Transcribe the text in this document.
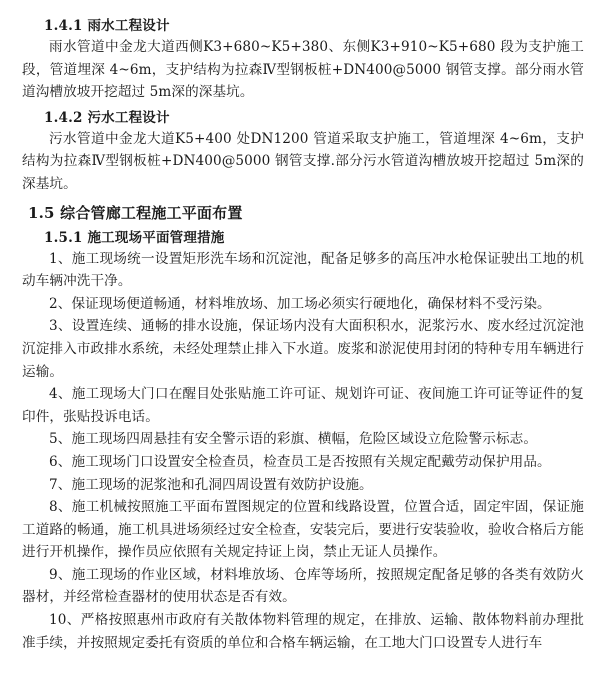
1.4.1 雨水工程设计

雨水管道中金龙大道西侧K3+680~K5+380、东侧K3+910~K5+680 段为支护施工段，管道埋深 4~6m，支护结构为拉森Ⅳ型钢板桩+DN400@5000 钢管支撑。部分雨水管道沟槽放坡开挖超过 5m深的深基坑。

1.4.2 污水工程设计

污水管道中金龙大道K5+400 处DN1200 管道采取支护施工，管道埋深 4~6m，支护结构为拉森Ⅳ型钢板桩+DN400@5000 钢管支撑.部分污水管道沟槽放坡开挖超过 5m深的深基坑。

1.5 综合管廊工程施工平面布置
1.5.1 施工现场平面管理措施

1、施工现场统一设置矩形洗车场和沉淀池，配备足够多的高压冲水枪保证驶出工地的机动车辆冲洗干净。

2、保证现场便道畅通，材料堆放场、加工场必须实行硬地化，确保材料不受污染。

3、设置连续、通畅的排水设施，保证场内没有大面积积水，泥浆污水、废水经过沉淀池沉淀排入市政排水系统，未经处理禁止排入下水道。废浆和淤泥使用封闭的特种专用车辆进行运输。

4、施工现场大门口在醒目处张贴施工许可证、规划许可证、夜间施工许可证等证件的复印件，张贴投诉电话。

5、施工现场四周悬挂有安全警示语的彩旗、横幅，危险区域设立危险警示标志。

6、施工现场门口设置安全检查员，检查员工是否按照有关规定配戴劳动保护用品。

7、施工现场的泥浆池和孔洞四周设置有效防护设施。

8、施工机械按照施工平面布置图规定的位置和线路设置，位置合适，固定牢固，保证施工道路的畅通，施工机具进场须经过安全检查，安装完后，要进行安装验收，验收合格后方能进行开机操作，操作员应依照有关规定持证上岗，禁止无证人员操作。

9、施工现场的作业区域，材料堆放场、仓库等场所，按照规定配备足够的各类有效防火器材，并经常检查器材的使用状态是否有效。

10、严格按照惠州市政府有关散体物料管理的规定，在排放、运输、散体物料前办理批准手续，并按照规定委托有资质的单位和合格车辆运输，在工地大门口设置专人进行车
